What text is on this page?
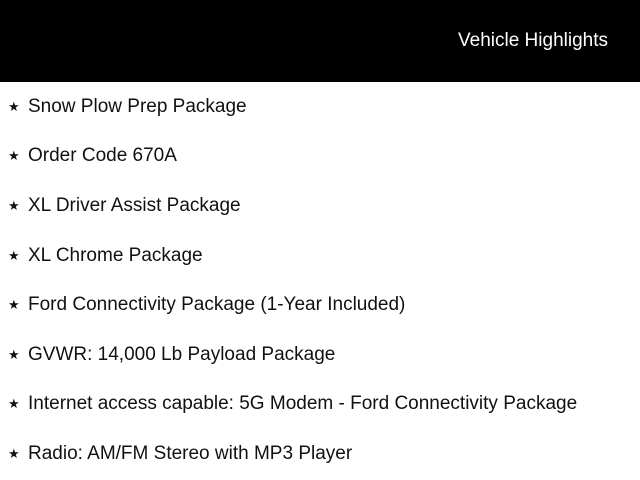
Vehicle Highlights
★ Snow Plow Prep Package
★ Order Code 670A
★ XL Driver Assist Package
★ XL Chrome Package
★ Ford Connectivity Package (1-Year Included)
★ GVWR: 14,000 Lb Payload Package
★ Internet access capable: 5G Modem - Ford Connectivity Package
★ Radio: AM/FM Stereo with MP3 Player
